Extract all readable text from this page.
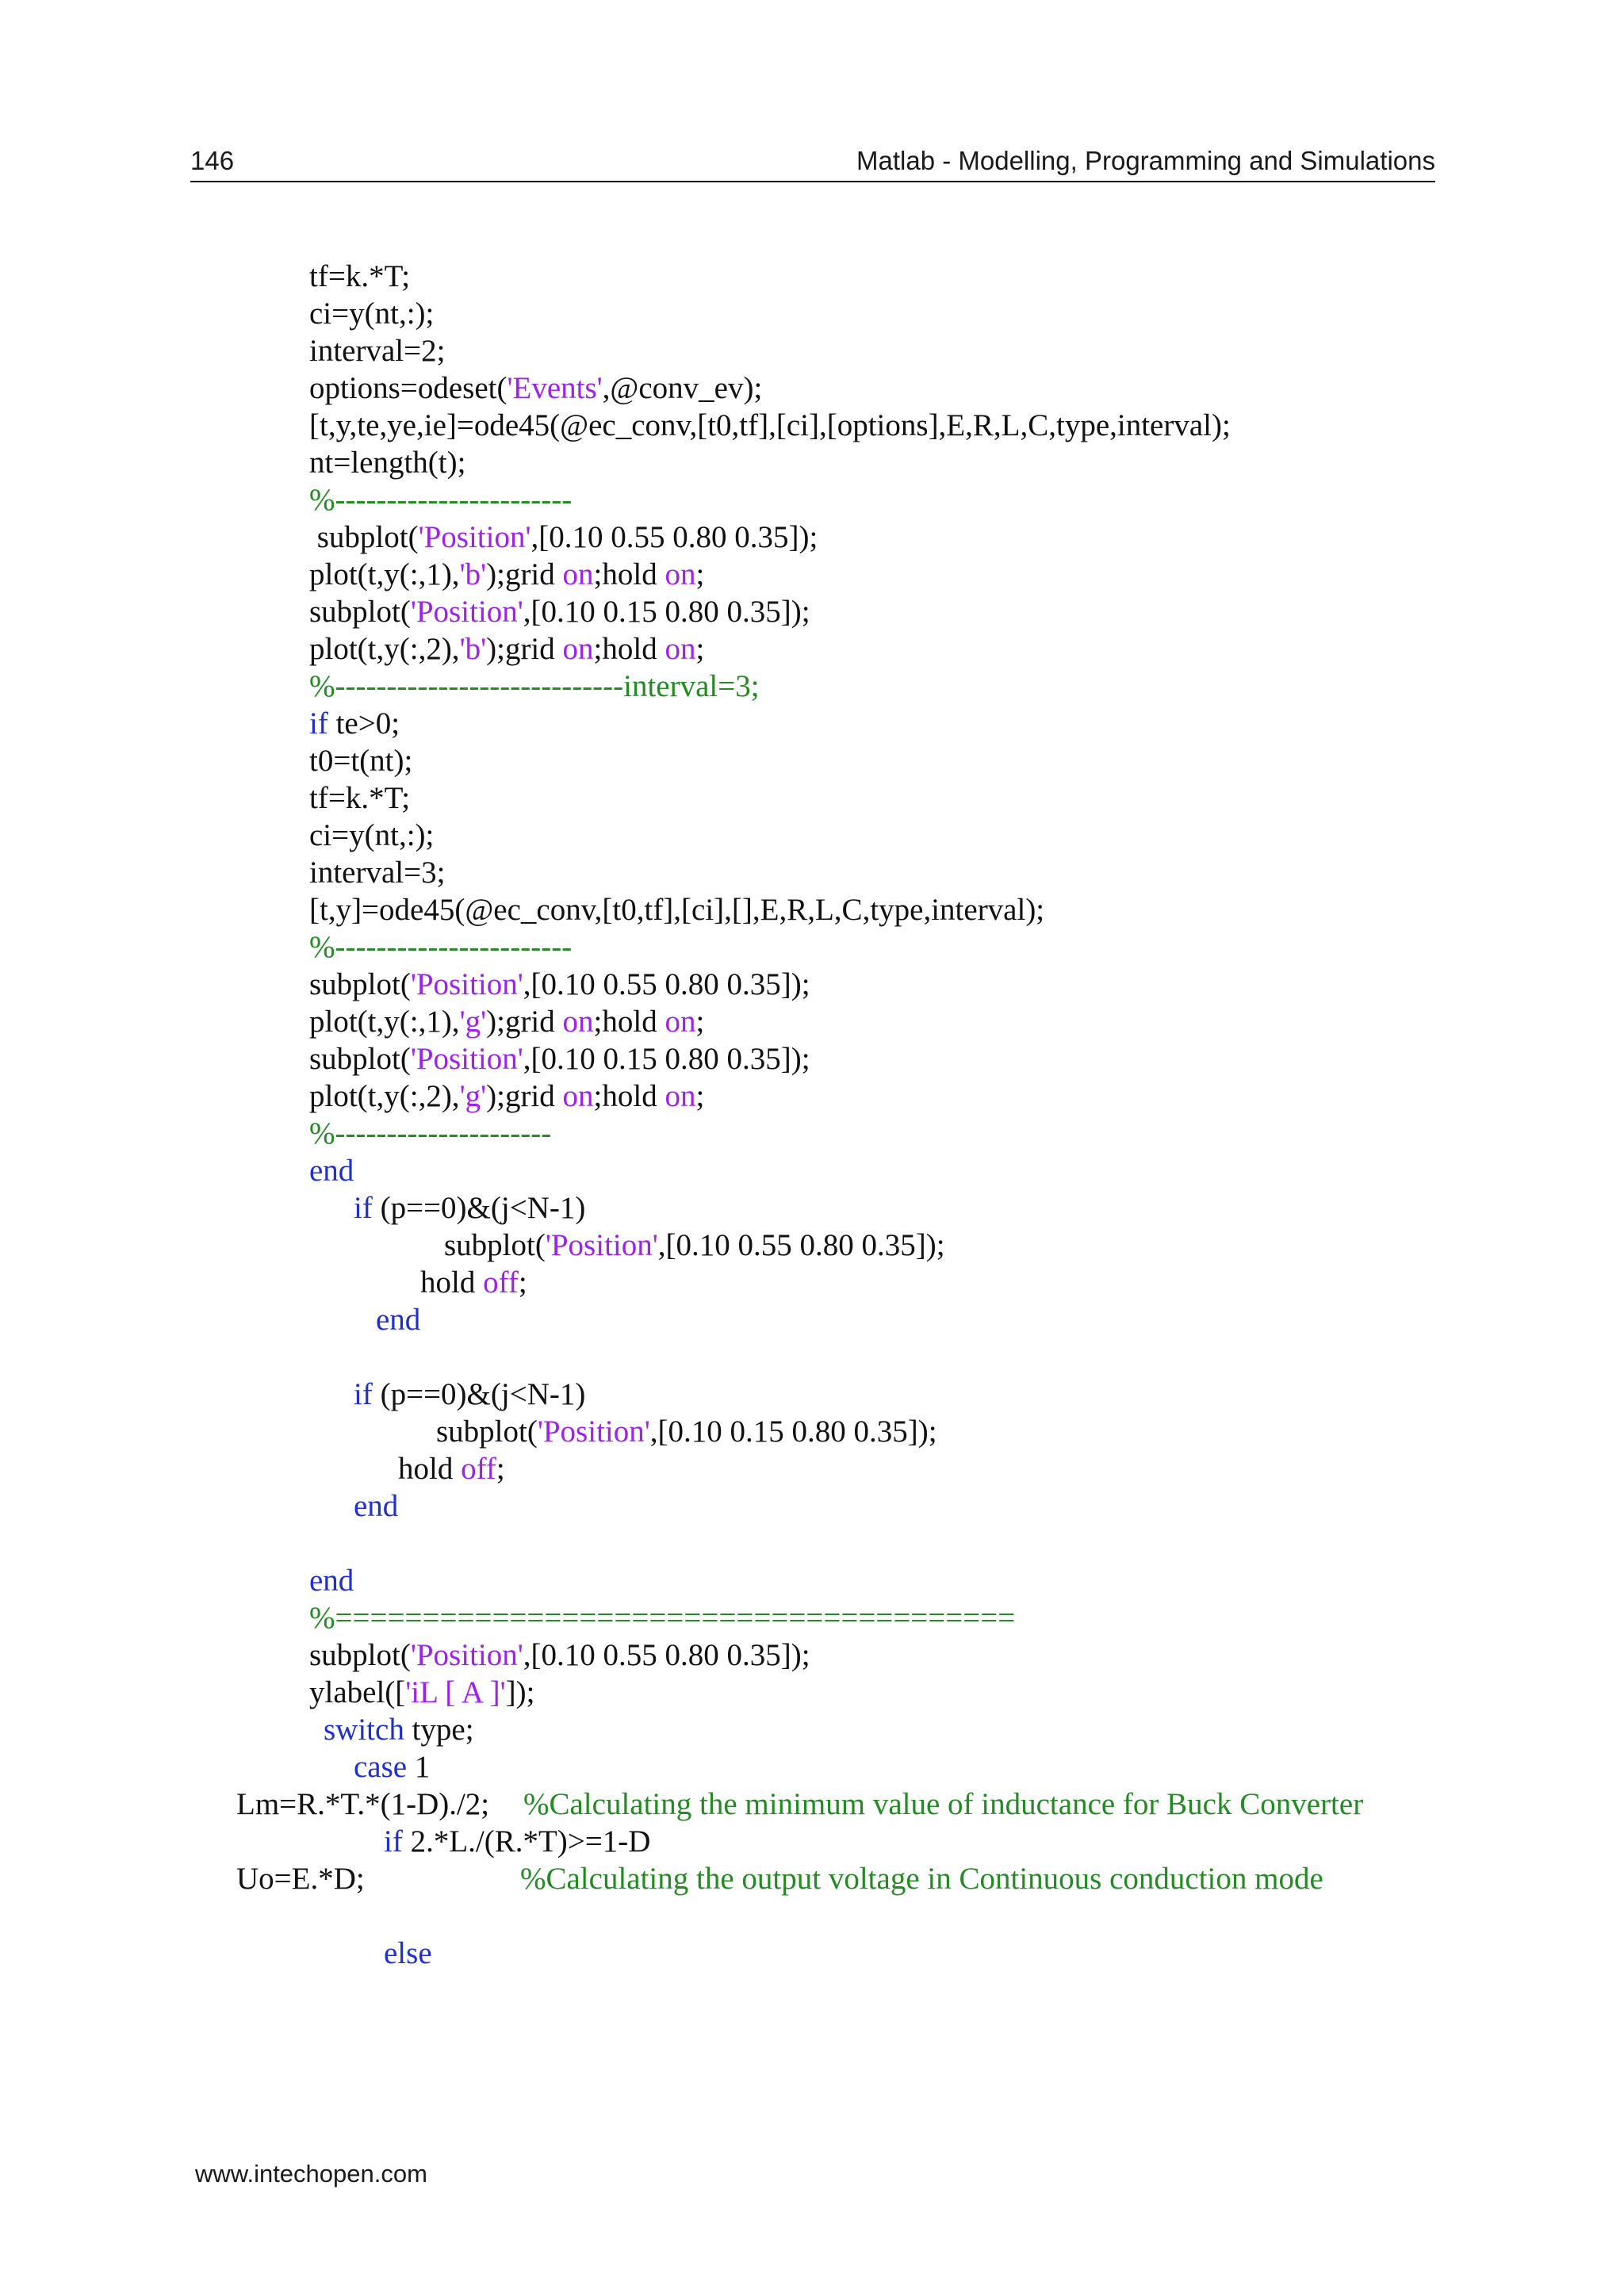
146	Matlab - Modelling, Programming and Simulations
tf=k.*T;
ci=y(nt,:);
interval=2;
options=odeset('Events',@conv_ev);
[t,y,te,ye,ie]=ode45(@ec_conv,[t0,tf],[ci],[options],E,R,L,C,type,interval);
nt=length(t);
%-----------------------
subplot('Position',[0.10 0.55 0.80 0.35]);
plot(t,y(:,1),'b');grid on;hold on;
subplot('Position',[0.10 0.15 0.80 0.35]);
plot(t,y(:,2),'b');grid on;hold on;
%----------------------------interval=3;
if te>0;
t0=t(nt);
tf=k.*T;
ci=y(nt,:);
interval=3;
[t,y]=ode45(@ec_conv,[t0,tf],[ci],[],E,R,L,C,type,interval);
%-----------------------
subplot('Position',[0.10 0.55 0.80 0.35]);
plot(t,y(:,1),'g');grid on;hold on;
subplot('Position',[0.10 0.15 0.80 0.35]);
plot(t,y(:,2),'g');grid on;hold on;
%---------------------
end
if (p==0)&(j<N-1)
subplot('Position',[0.10 0.55 0.80 0.35]);
hold off;
end
if (p==0)&(j<N-1)
subplot('Position',[0.10 0.15 0.80 0.35]);
hold off;
end
end
%=======================================
subplot('Position',[0.10 0.55 0.80 0.35]);
ylabel(['iL [ A ]']);
switch type;
case 1
Lm=R.*T.*(1-D)./2; %Calculating the minimum value of inductance for Buck Converter
if 2.*L./(R.*T)>=1-D
Uo=E.*D;	%Calculating the output voltage in Continuous conduction mode
else
www.intechopen.com
